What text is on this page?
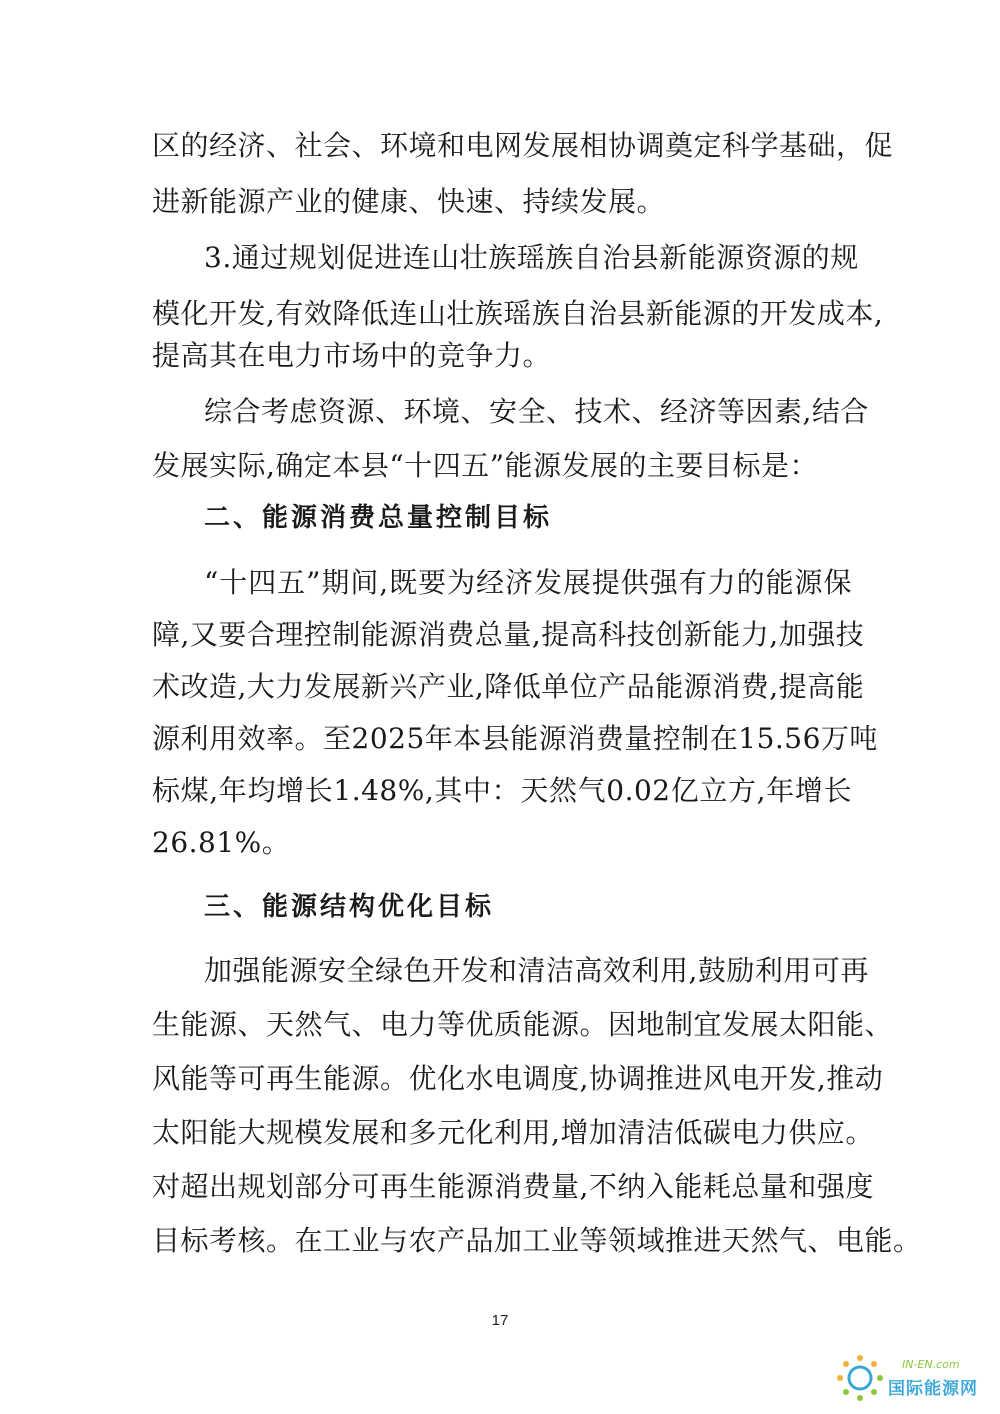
区的经济、社会、环境和电网发展相协调奠定科学基础，促
进新能源产业的健康、快速、持续发展。
3.通过规划促进连山壮族瑶族自治县新能源资源的规
模化开发,有效降低连山壮族瑶族自治县新能源的开发成本,
提高其在电力市场中的竞争力。
综合考虑资源、环境、安全、技术、经济等因素,结合
发展实际,确定本县“十四五”能源发展的主要目标是：
二、能源消费总量控制目标
“十四五”期间,既要为经济发展提供强有力的能源保
障,又要合理控制能源消费总量,提高科技创新能力,加强技
术改造,大力发展新兴产业,降低单位产品能源消费,提高能
源利用效率。至2025年本县能源消费量控制在15.56万吨
标煤,年均增长1.48%,其中：天然气0.02亿立方,年增长
26.81%。
三、能源结构优化目标
加强能源安全绿色开发和清洁高效利用,鼓励利用可再
生能源、天然气、电力等优质能源。因地制宜发展太阳能、
风能等可再生能源。优化水电调度,协调推进风电开发,推动
太阳能大规模发展和多元化利用,增加清洁低碳电力供应。
对超出规划部分可再生能源消费量,不纳入能耗总量和强度
目标考核。在工业与农产品加工业等领域推进天然气、电能。
17
IN-EN.com
国际能源网
